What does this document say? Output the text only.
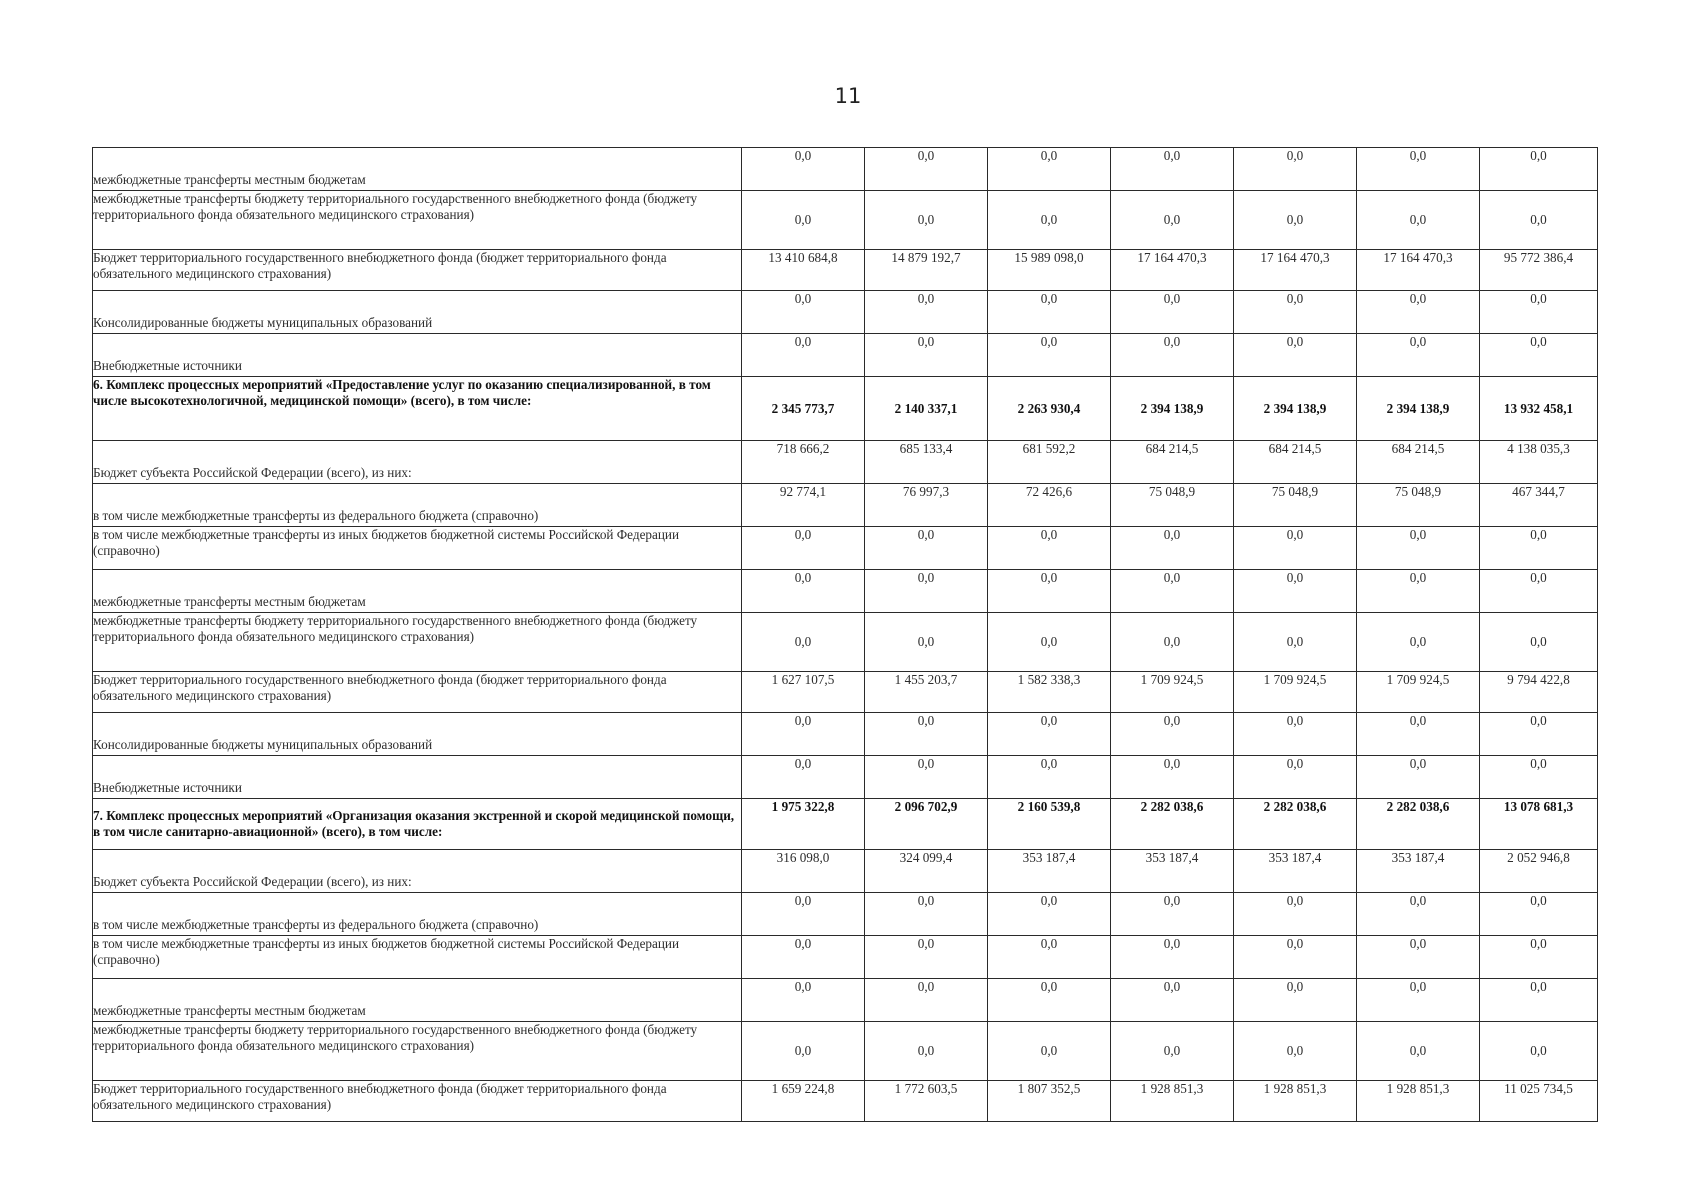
11
межбюджетные трансферты местным бюджетам	0,0	0,0	0,0	0,0	0,0	0,0	0,0
межбюджетные трансферты бюджету территориального государственного внебюджетного фонда (бюджету территориального фонда обязательного медицинского страхования)	0,0	0,0	0,0	0,0	0,0	0,0	0,0
Бюджет территориального государственного внебюджетного фонда (бюджет территориального фонда обязательного медицинского страхования)	13 410 684,8	14 879 192,7	15 989 098,0	17 164 470,3	17 164 470,3	17 164 470,3	95 772 386,4
Консолидированные бюджеты муниципальных образований	0,0	0,0	0,0	0,0	0,0	0,0	0,0
Внебюджетные источники	0,0	0,0	0,0	0,0	0,0	0,0	0,0
6. Комплекс процессных мероприятий «Предоставление услуг по оказанию специализированной, в том числе высокотехнологичной, медицинской помощи» (всего), в том числе:	2 345 773,7	2 140 337,1	2 263 930,4	2 394 138,9	2 394 138,9	2 394 138,9	13 932 458,1
Бюджет субъекта Российской Федерации (всего), из них:	718 666,2	685 133,4	681 592,2	684 214,5	684 214,5	684 214,5	4 138 035,3
в том числе межбюджетные трансферты из федерального бюджета (справочно)	92 774,1	76 997,3	72 426,6	75 048,9	75 048,9	75 048,9	467 344,7
в том числе межбюджетные трансферты из иных бюджетов бюджетной системы Российской Федерации (справочно)	0,0	0,0	0,0	0,0	0,0	0,0	0,0
межбюджетные трансферты местным бюджетам	0,0	0,0	0,0	0,0	0,0	0,0	0,0
межбюджетные трансферты бюджету территориального государственного внебюджетного фонда (бюджету территориального фонда обязательного медицинского страхования)	0,0	0,0	0,0	0,0	0,0	0,0	0,0
Бюджет территориального государственного внебюджетного фонда (бюджет территориального фонда обязательного медицинского страхования)	1 627 107,5	1 455 203,7	1 582 338,3	1 709 924,5	1 709 924,5	1 709 924,5	9 794 422,8
Консолидированные бюджеты муниципальных образований	0,0	0,0	0,0	0,0	0,0	0,0	0,0
Внебюджетные источники	0,0	0,0	0,0	0,0	0,0	0,0	0,0
7. Комплекс процессных мероприятий «Организация оказания экстренной и скорой медицинской помощи, в том числе санитарно-авиационной» (всего), в том числе:	1 975 322,8	2 096 702,9	2 160 539,8	2 282 038,6	2 282 038,6	2 282 038,6	13 078 681,3
Бюджет субъекта Российской Федерации (всего), из них:	316 098,0	324 099,4	353 187,4	353 187,4	353 187,4	353 187,4	2 052 946,8
в том числе межбюджетные трансферты из федерального бюджета (справочно)	0,0	0,0	0,0	0,0	0,0	0,0	0,0
в том числе межбюджетные трансферты из иных бюджетов бюджетной системы Российской Федерации (справочно)	0,0	0,0	0,0	0,0	0,0	0,0	0,0
межбюджетные трансферты местным бюджетам	0,0	0,0	0,0	0,0	0,0	0,0	0,0
межбюджетные трансферты бюджету территориального государственного внебюджетного фонда (бюджету территориального фонда обязательного медицинского страхования)	0,0	0,0	0,0	0,0	0,0	0,0	0,0
Бюджет территориального государственного внебюджетного фонда (бюджет территориального фонда обязательного медицинского страхования)	1 659 224,8	1 772 603,5	1 807 352,5	1 928 851,3	1 928 851,3	1 928 851,3	11 025 734,5
